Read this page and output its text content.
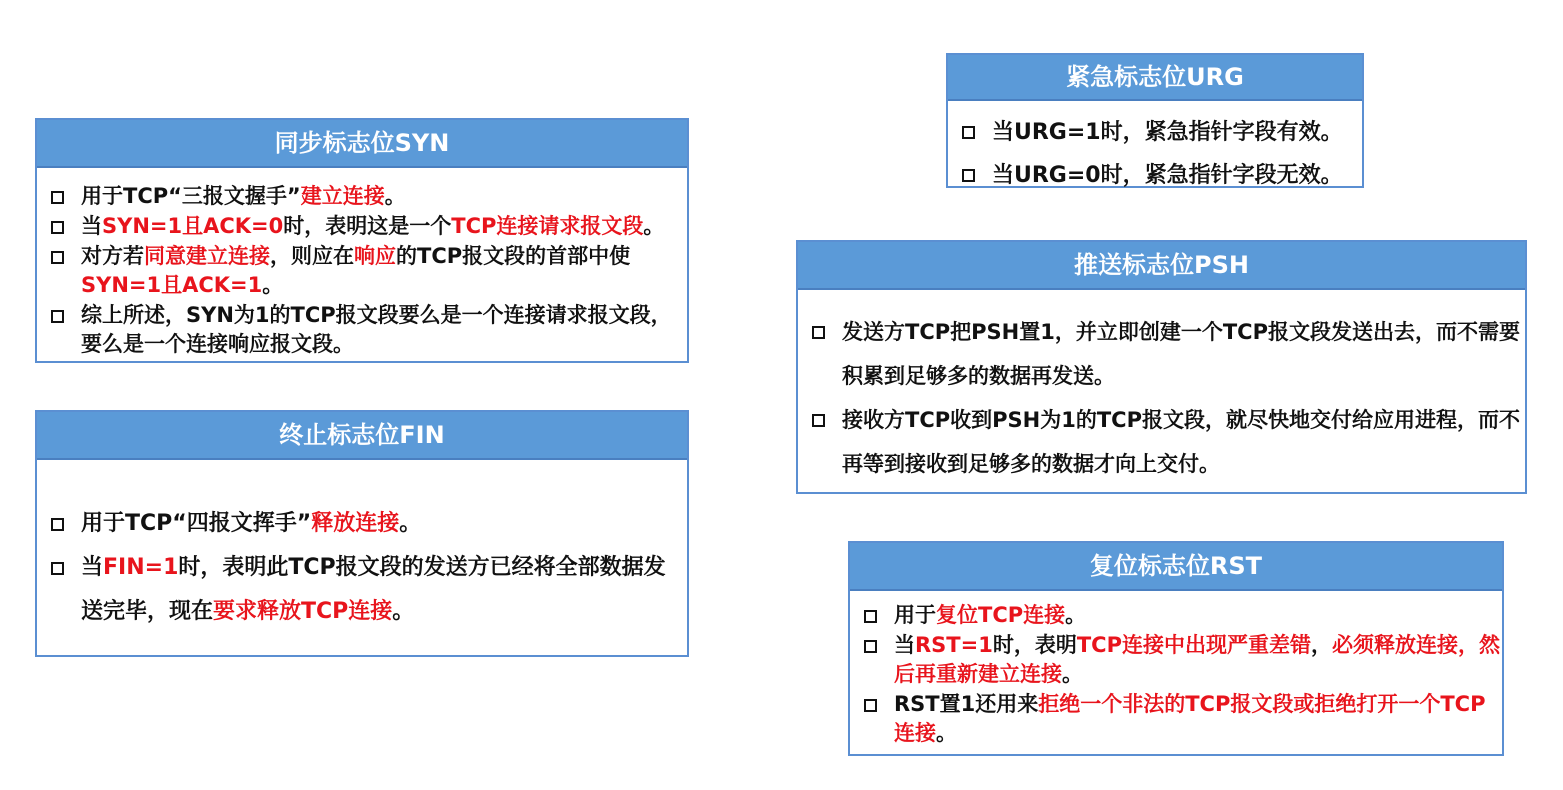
同步标志位SYN
用于TCP“三报文握手”建立连接。
当SYN=1且ACK=0时，表明这是一个TCP连接请求报文段。
对方若同意建立连接，则应在响应的TCP报文段的首部中使SYN=1且ACK=1。
综上所述，SYN为1的TCP报文段要么是一个连接请求报文段，要么是一个连接响应报文段。
终止标志位FIN
用于TCP“四报文挥手”释放连接。
当FIN=1时，表明此TCP报文段的发送方已经将全部数据发送完毕，现在要求释放TCP连接。
紧急标志位URG
当URG=1时，紧急指针字段有效。
当URG=0时，紧急指针字段无效。
推送标志位PSH
发送方TCP把PSH置1，并立即创建一个TCP报文段发送出去，而不需要积累到足够多的数据再发送。
接收方TCP收到PSH为1的TCP报文段，就尽快地交付给应用进程，而不再等到接收到足够多的数据才向上交付。
复位标志位RST
用于复位TCP连接。
当RST=1时，表明TCP连接中出现严重差错，必须释放连接，然后再重新建立连接。
RST置1还用来拒绝一个非法的TCP报文段或拒绝打开一个TCP连接。
